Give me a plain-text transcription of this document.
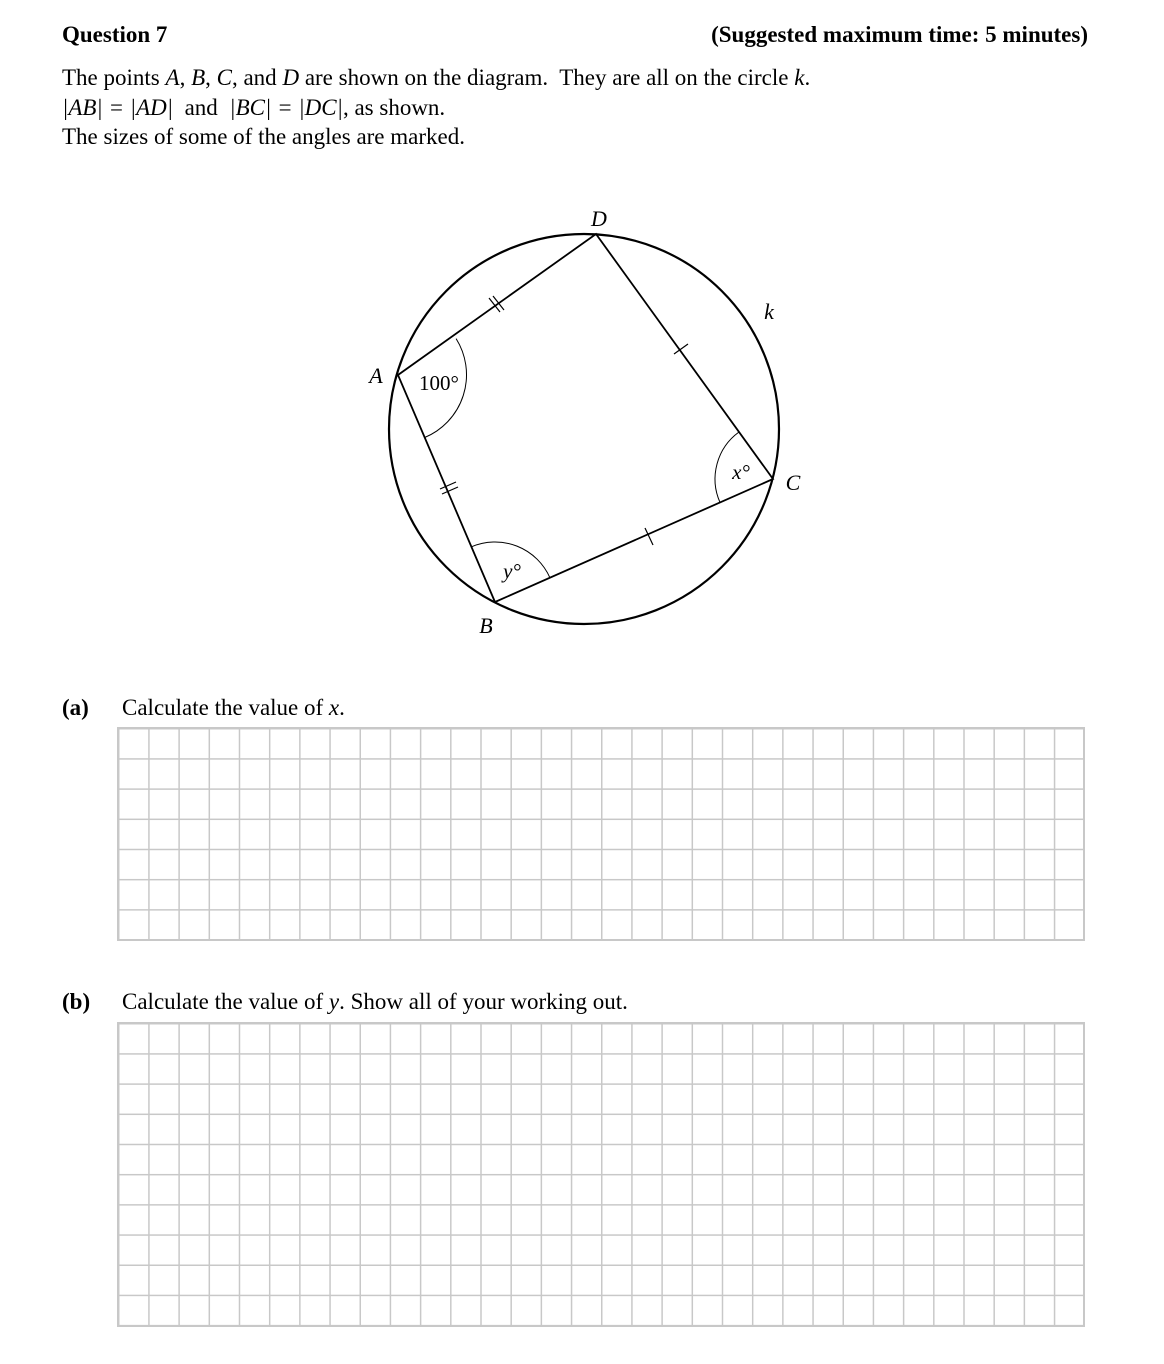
Question 7	(Suggested maximum time: 5 minutes)
The points A, B, C, and D are shown on the diagram.  They are all on the circle k.
|AB| = |AD|  and  |BC| = |DC|, as shown.
The sizes of some of the angles are marked.
A
B
C
D
k
100°
x°
y°
(a) Calculate the value of x.
(b) Calculate the value of y. Show all of your working out.
